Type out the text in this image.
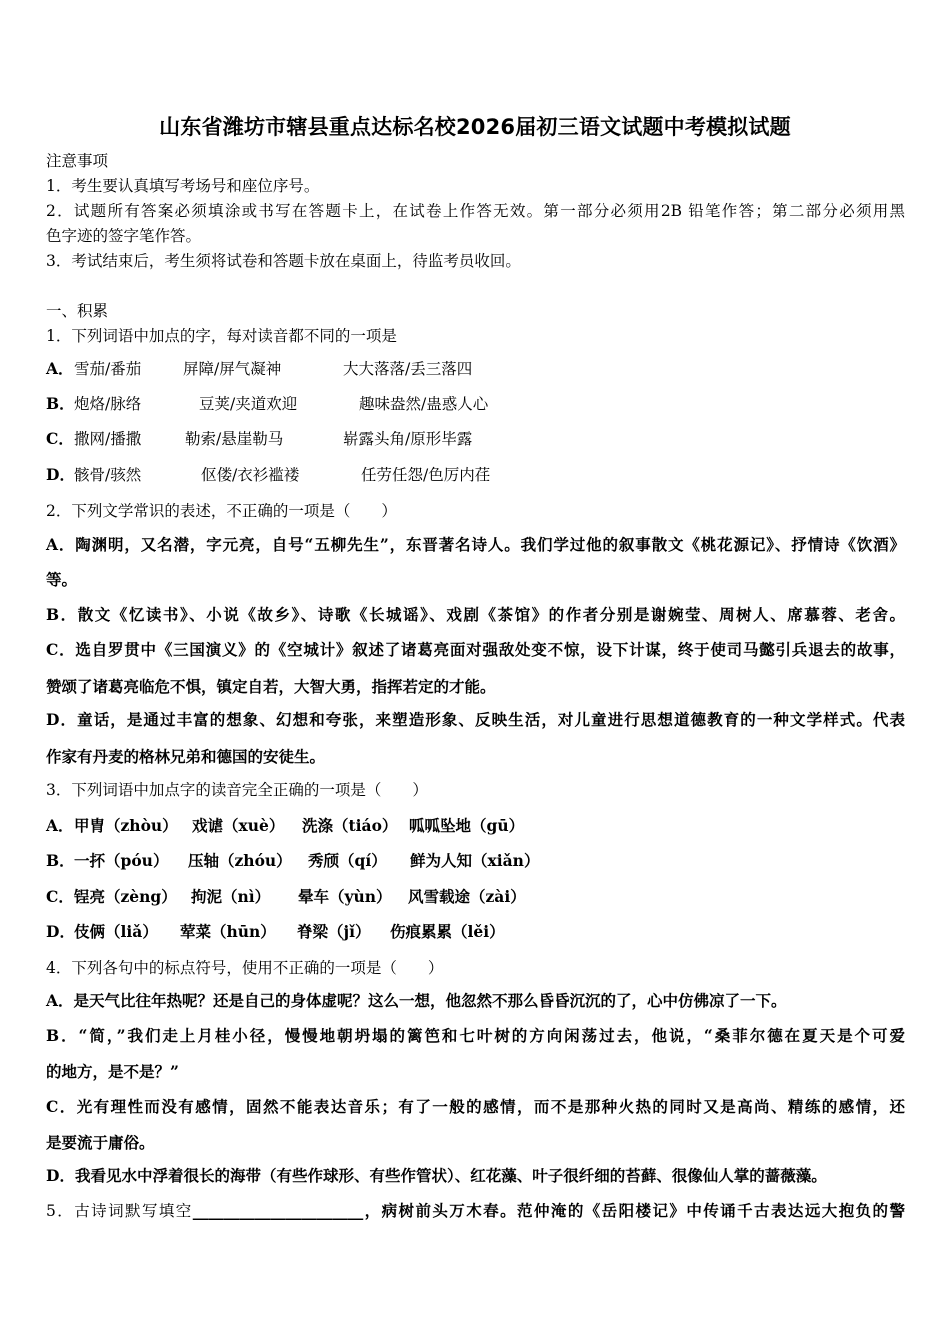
山东省潍坊市辖县重点达标名校2026届初三语文试题中考模拟试题
注意事项
1．考生要认真填写考场号和座位序号。
2．试题所有答案必须填涂或书写在答题卡上，在试卷上作答无效。第一部分必须用2B 铅笔作答；第二部分必须用黑
色字迹的签字笔作答。
3．考试结束后，考生须将试卷和答题卡放在桌面上，待监考员收回。
一、积累
1．下列词语中加点的字，每对读音都不同的一项是
A． 雪茄/番茄	屏障/屏气凝神	大大落落/丢三落四
B． 炮烙/脉络	豆荚/夹道欢迎	趣味盎然/蛊惑人心
C． 撒网/播撒	勒索/悬崖勒马	崭露头角/原形毕露
D． 骸骨/骇然	伛偻/衣衫褴褛	任劳任怨/色厉内荏
2．下列文学常识的表述，不正确的一项是（　　）
A．陶渊明，又名潜，字元亮，自号“五柳先生”，东晋著名诗人。我们学过他的叙事散文《桃花源记》、抒情诗《饮酒》
等。
B．散文《忆读书》、小说《故乡》、诗歌《长城谣》、戏剧《茶馆》的作者分别是谢婉莹、周树人、席慕蓉、老舍。
C．选自罗贯中《三国演义》的《空城计》叙述了诸葛亮面对强敌处变不惊，设下计谋，终于使司马懿引兵退去的故事，
赞颂了诸葛亮临危不惧，镇定自若，大智大勇，指挥若定的才能。
D．童话，是通过丰富的想象、幻想和夸张，来塑造形象、反映生活，对儿童进行思想道德教育的一种文学样式。代表
作家有丹麦的格林兄弟和德国的安徒生。
3．下列词语中加点字的读音完全正确的一项是（　　）
A． 甲胄（zhòu） 戏谑（xuè） 洗涤（tiáo） 呱呱坠地（gū）
B． 一抔（póu） 压轴（zhóu） 秀颀（qí） 鲜为人知（xiǎn）
C． 锃亮（zèng） 拘泥（nì） 晕车（yùn） 风雪载途（zài）
D． 伎俩（liǎ） 荤菜（hūn） 脊梁（jǐ） 伤痕累累（lěi）
4．下列各句中的标点符号，使用不正确的一项是（　　）
A．是天气比往年热呢？还是自己的身体虚呢？这么一想，他忽然不那么昏昏沉沉的了，心中仿佛凉了一下。
B．“简，”我们走上月桂小径，慢慢地朝坍塌的篱笆和七叶树的方向闲荡过去，他说，“桑菲尔德在夏天是个可爱
的地方，是不是？”
C．光有理性而没有感情，固然不能表达音乐；有了一般的感情，而不是那种火热的同时又是高尚、精练的感情，还
是要流于庸俗。
D．我看见水中浮着很长的海带（有些作球形、有些作管状）、红花藻、叶子很纤细的苔藓、很像仙人掌的蔷薇藻。
5．古诗词默写填空______________________，病树前头万木春。范仲淹的《岳阳楼记》中传诵千古表达远大抱负的警
